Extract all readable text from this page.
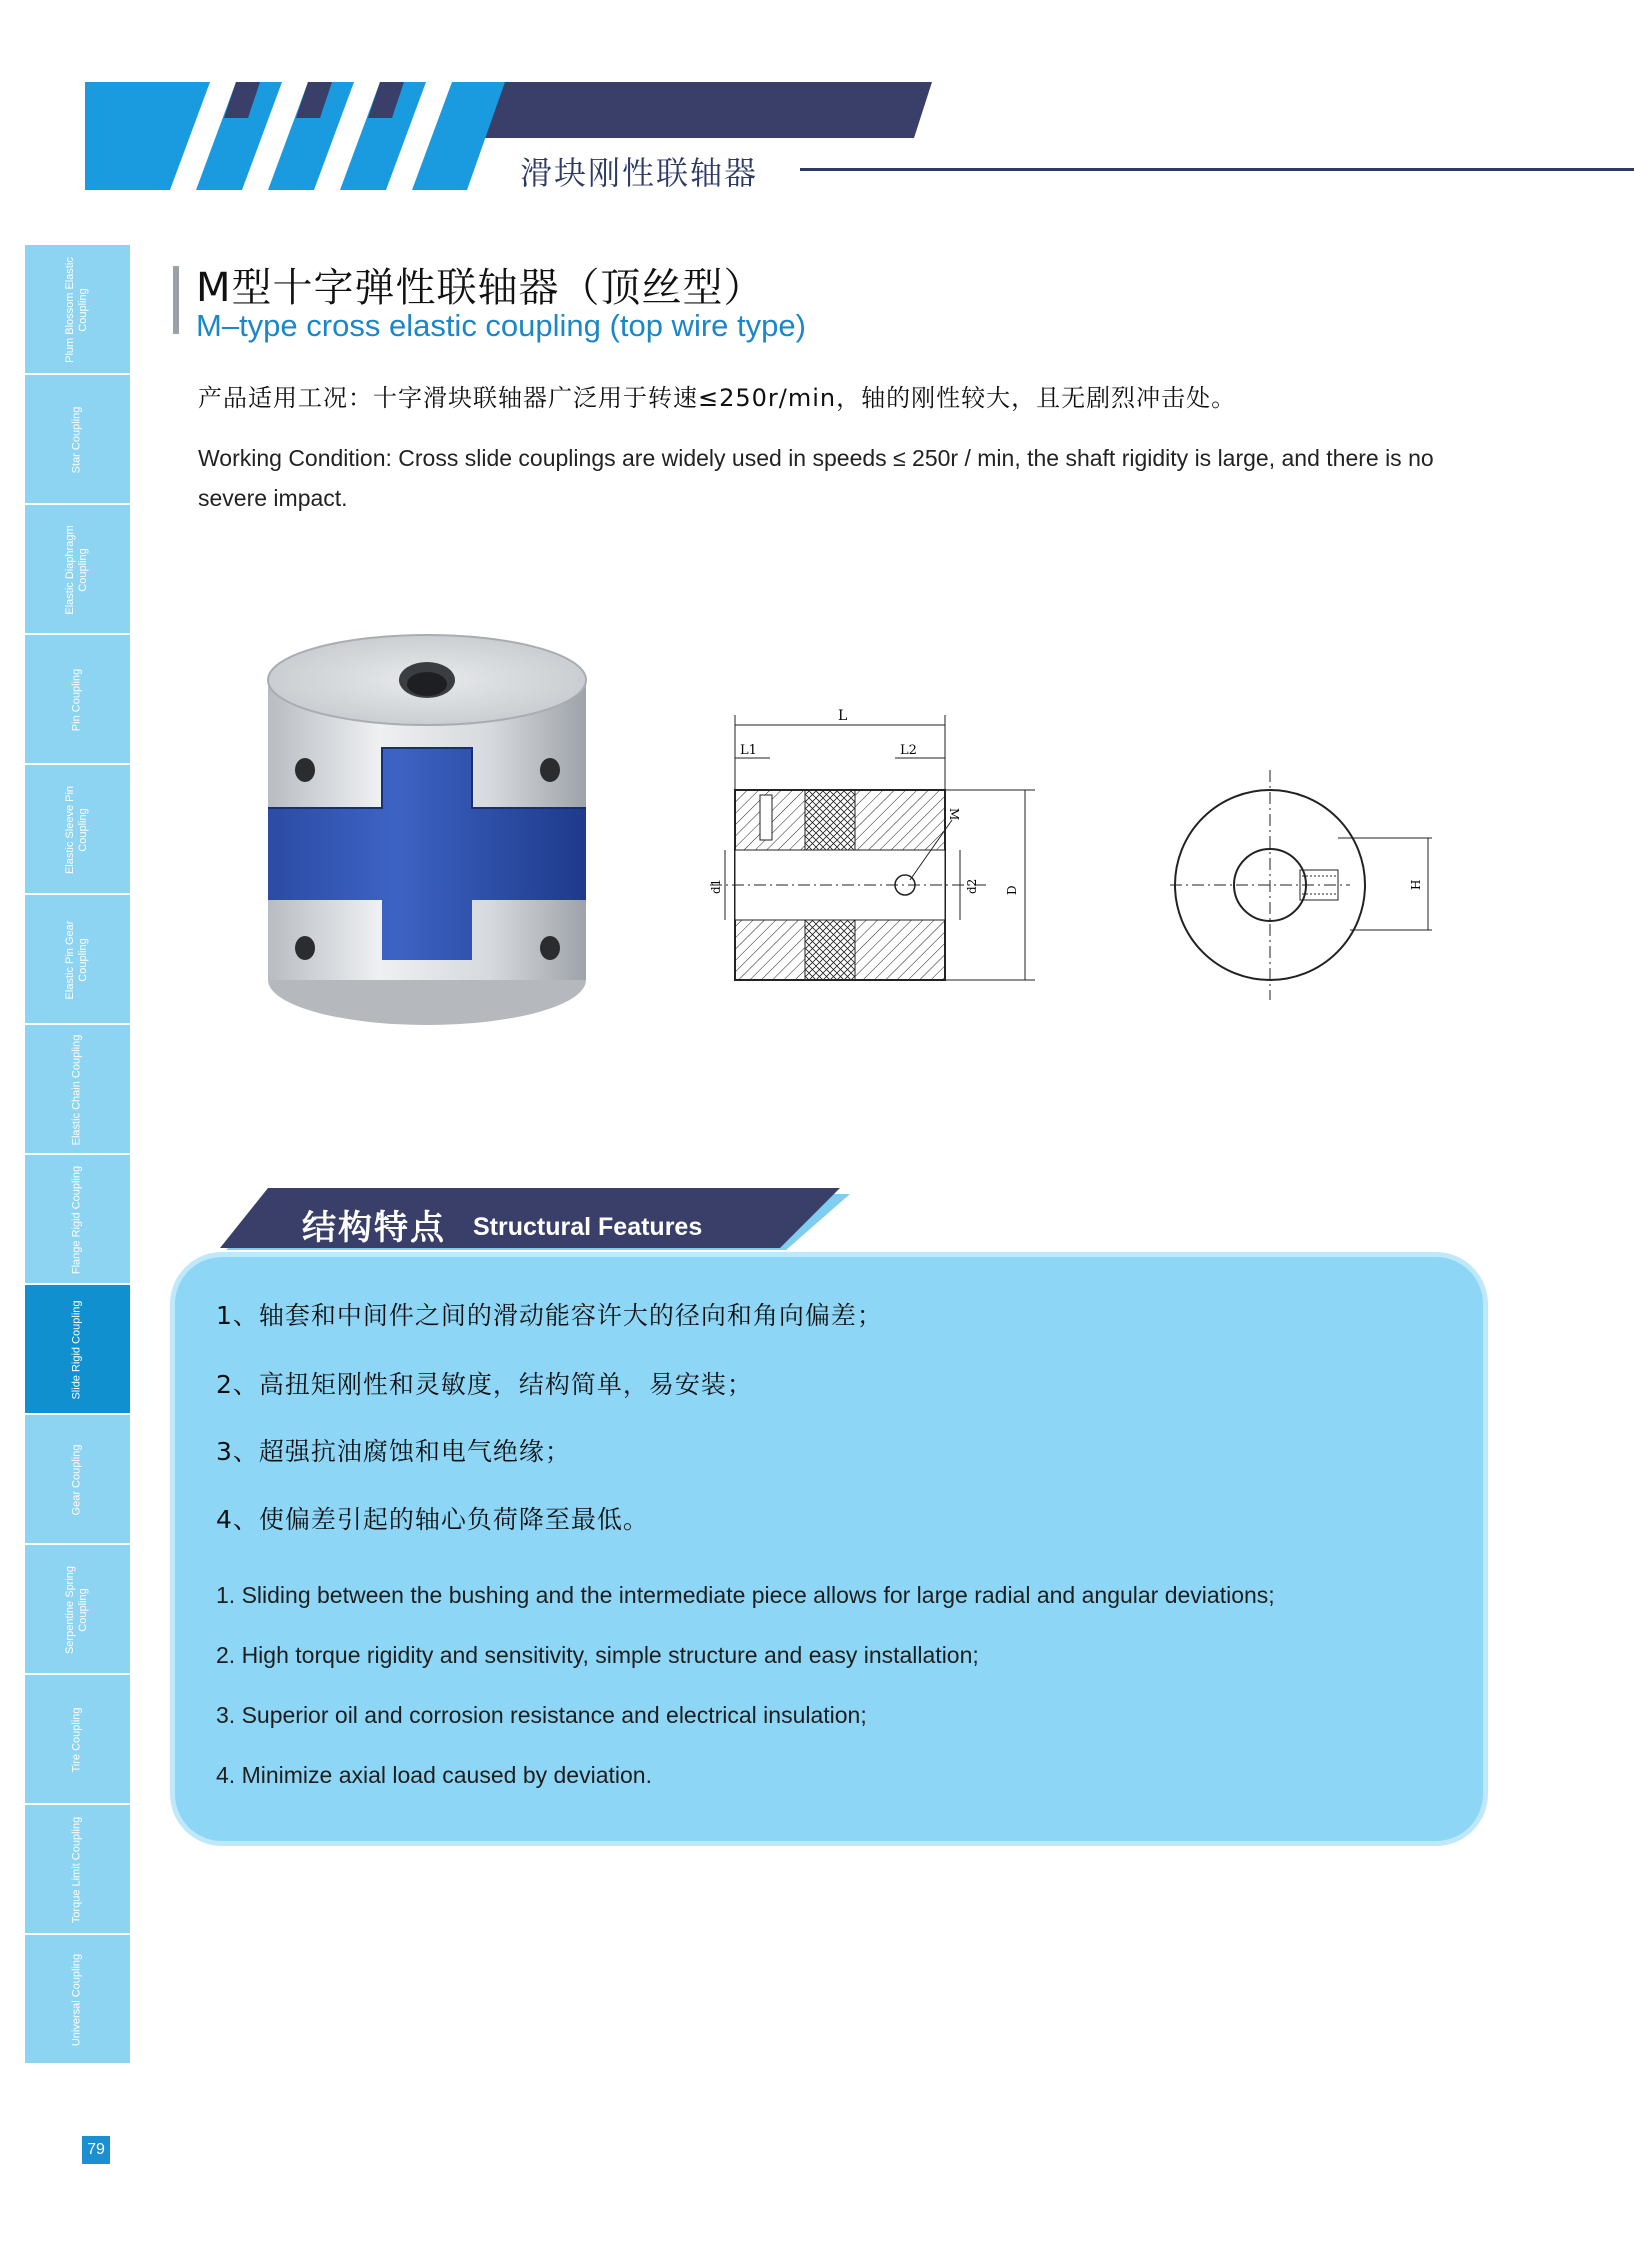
滑块刚性联轴器
Plum Blossom Elastic Coupling
Star Coupling
Elastic Diaphragm Coupling
Pin Coupling
Elastic Sleeve Pin Coupling
Elastic Pin Gear Coupling
Elastic Chain Coupling
Flange Rigid Coupling
Slide Rigid Coupling
Gear Coupling
Serpentine Spring Coupling
Tire Coupling
Torque Limit Coupling
Universal Coupling
M型十字弹性联轴器（顶丝型）
M–type cross elastic coupling (top wire type)
产品适用工况：十字滑块联轴器广泛用于转速≤250r/min，轴的刚性较大，且无剧烈冲击处。
Working Condition: Cross slide couplings are widely used in speeds ≤ 250r / min, the shaft rigidity is large, and there is no severe impact.
L
L1	L2
M
d1	d2 D
H
结构特点 Structural Features
1、轴套和中间件之间的滑动能容许大的径向和角向偏差；
2、高扭矩刚性和灵敏度，结构简单，易安装；
3、超强抗油腐蚀和电气绝缘；
4、使偏差引起的轴心负荷降至最低。
1. Sliding between the bushing and the intermediate piece allows for large radial and angular deviations;
2. High torque rigidity and sensitivity, simple structure and easy installation;
3. Superior oil and corrosion resistance and electrical insulation;
4. Minimize axial load caused by deviation.
79
